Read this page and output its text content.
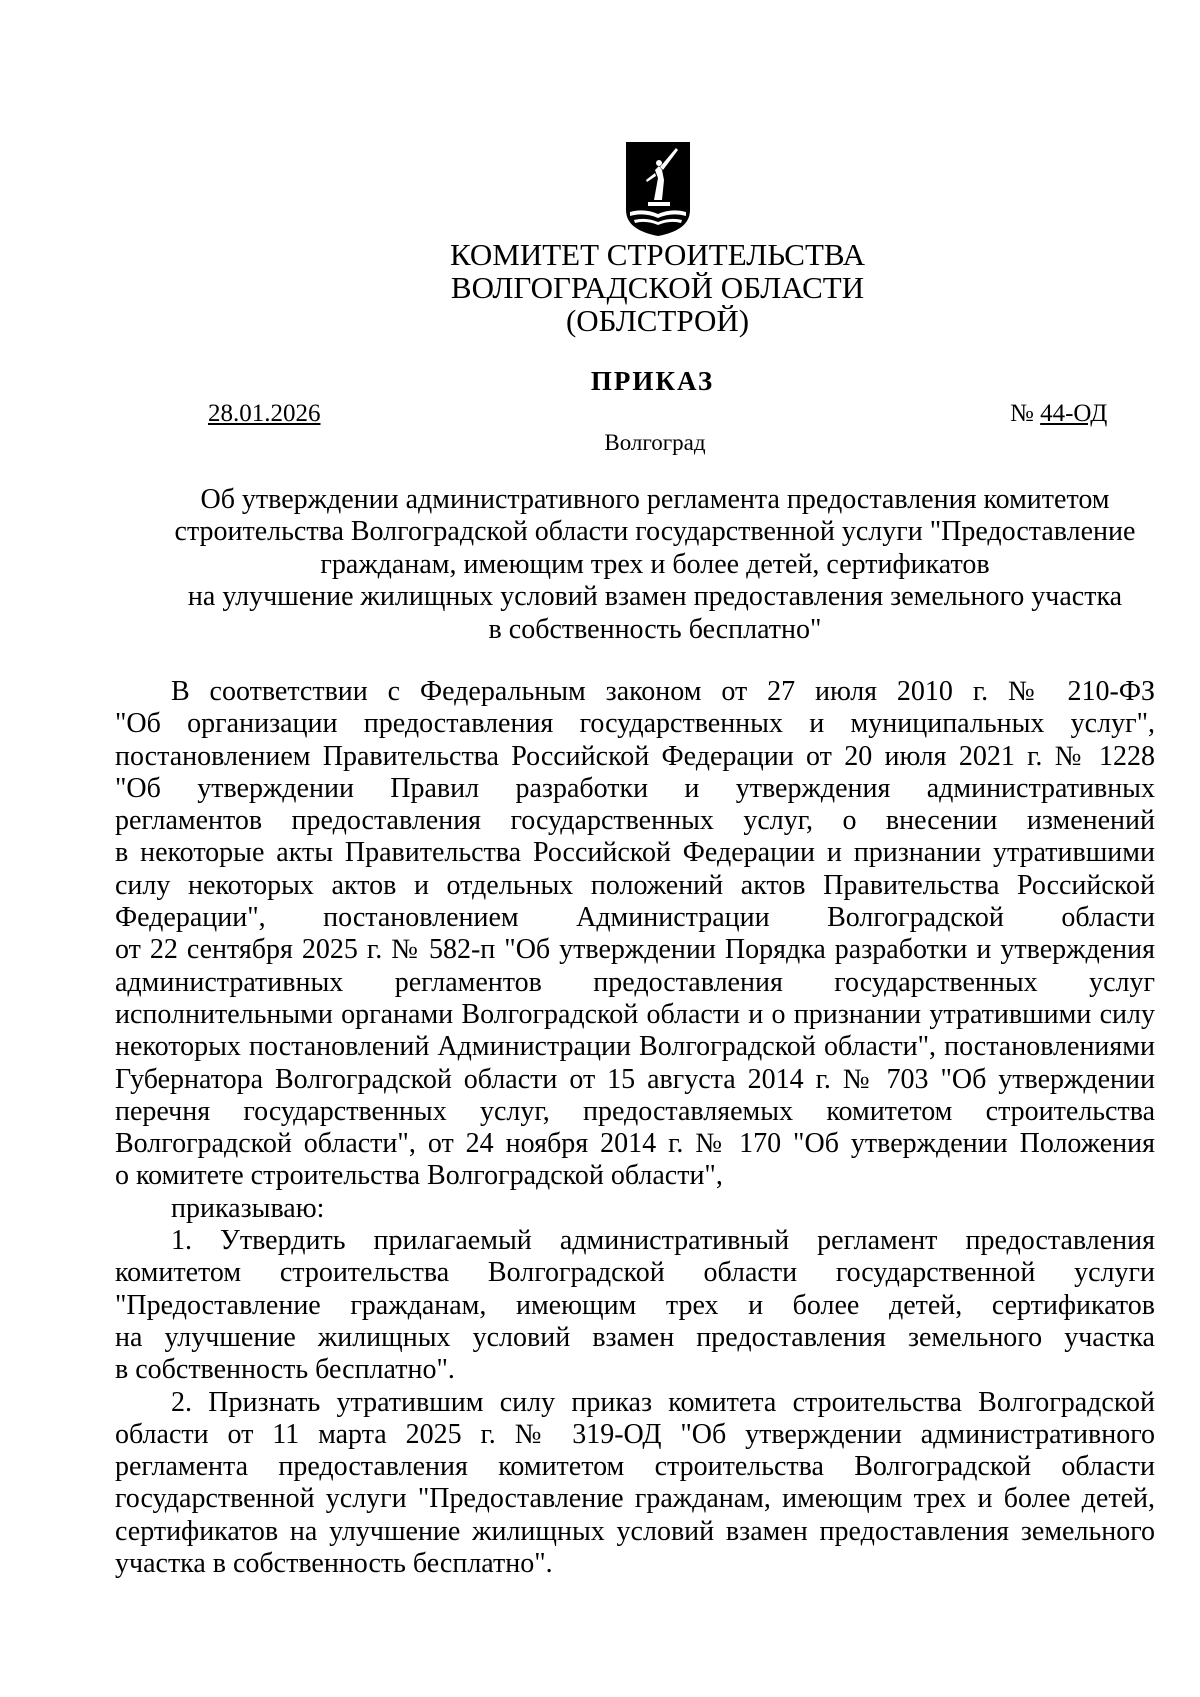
КОМИТЕТ СТРОИТЕЛЬСТВА
ВОЛГОГРАДСКОЙ ОБЛАСТИ
(ОБЛСТРОЙ)
ПРИКАЗ
28.01.2026	№ 44-ОД
Волгоград
Об утверждении административного регламента предоставления комитетом
строительства Волгоградской области государственной услуги "Предоставление
гражданам, имеющим трех и более детей, сертификатов
на улучшение жилищных условий взамен предоставления земельного участка
в собственность бесплатно"
В соответствии с Федеральным законом от 27 июля 2010 г. № 210-ФЗ
"Об организации предоставления государственных и муниципальных услуг",
постановлением Правительства Российской Федерации от 20 июля 2021 г. № 1228
"Об утверждении Правил разработки и утверждения административных
регламентов предоставления государственных услуг, о внесении изменений
в некоторые акты Правительства Российской Федерации и признании утратившими
силу некоторых актов и отдельных положений актов Правительства Российской
Федерации", постановлением Администрации Волгоградской области
от 22 сентября 2025 г. № 582-п "Об утверждении Порядка разработки и утверждения
административных регламентов предоставления государственных услуг
исполнительными органами Волгоградской области и о признании утратившими силу
некоторых постановлений Администрации Волгоградской области", постановлениями
Губернатора Волгоградской области от 15 августа 2014 г. № 703 "Об утверждении
перечня государственных услуг, предоставляемых комитетом строительства
Волгоградской области", от 24 ноября 2014 г. № 170 "Об утверждении Положения
о комитете строительства Волгоградской области",
приказываю:
1. Утвердить прилагаемый административный регламент предоставления
комитетом строительства Волгоградской области государственной услуги
"Предоставление гражданам, имеющим трех и более детей, сертификатов
на улучшение жилищных условий взамен предоставления земельного участка
в собственность бесплатно".
2. Признать утратившим силу приказ комитета строительства Волгоградской
области от 11 марта 2025 г. № 319-ОД "Об утверждении административного
регламента предоставления комитетом строительства Волгоградской области
государственной услуги "Предоставление гражданам, имеющим трех и более детей,
сертификатов на улучшение жилищных условий взамен предоставления земельного
участка в собственность бесплатно".
